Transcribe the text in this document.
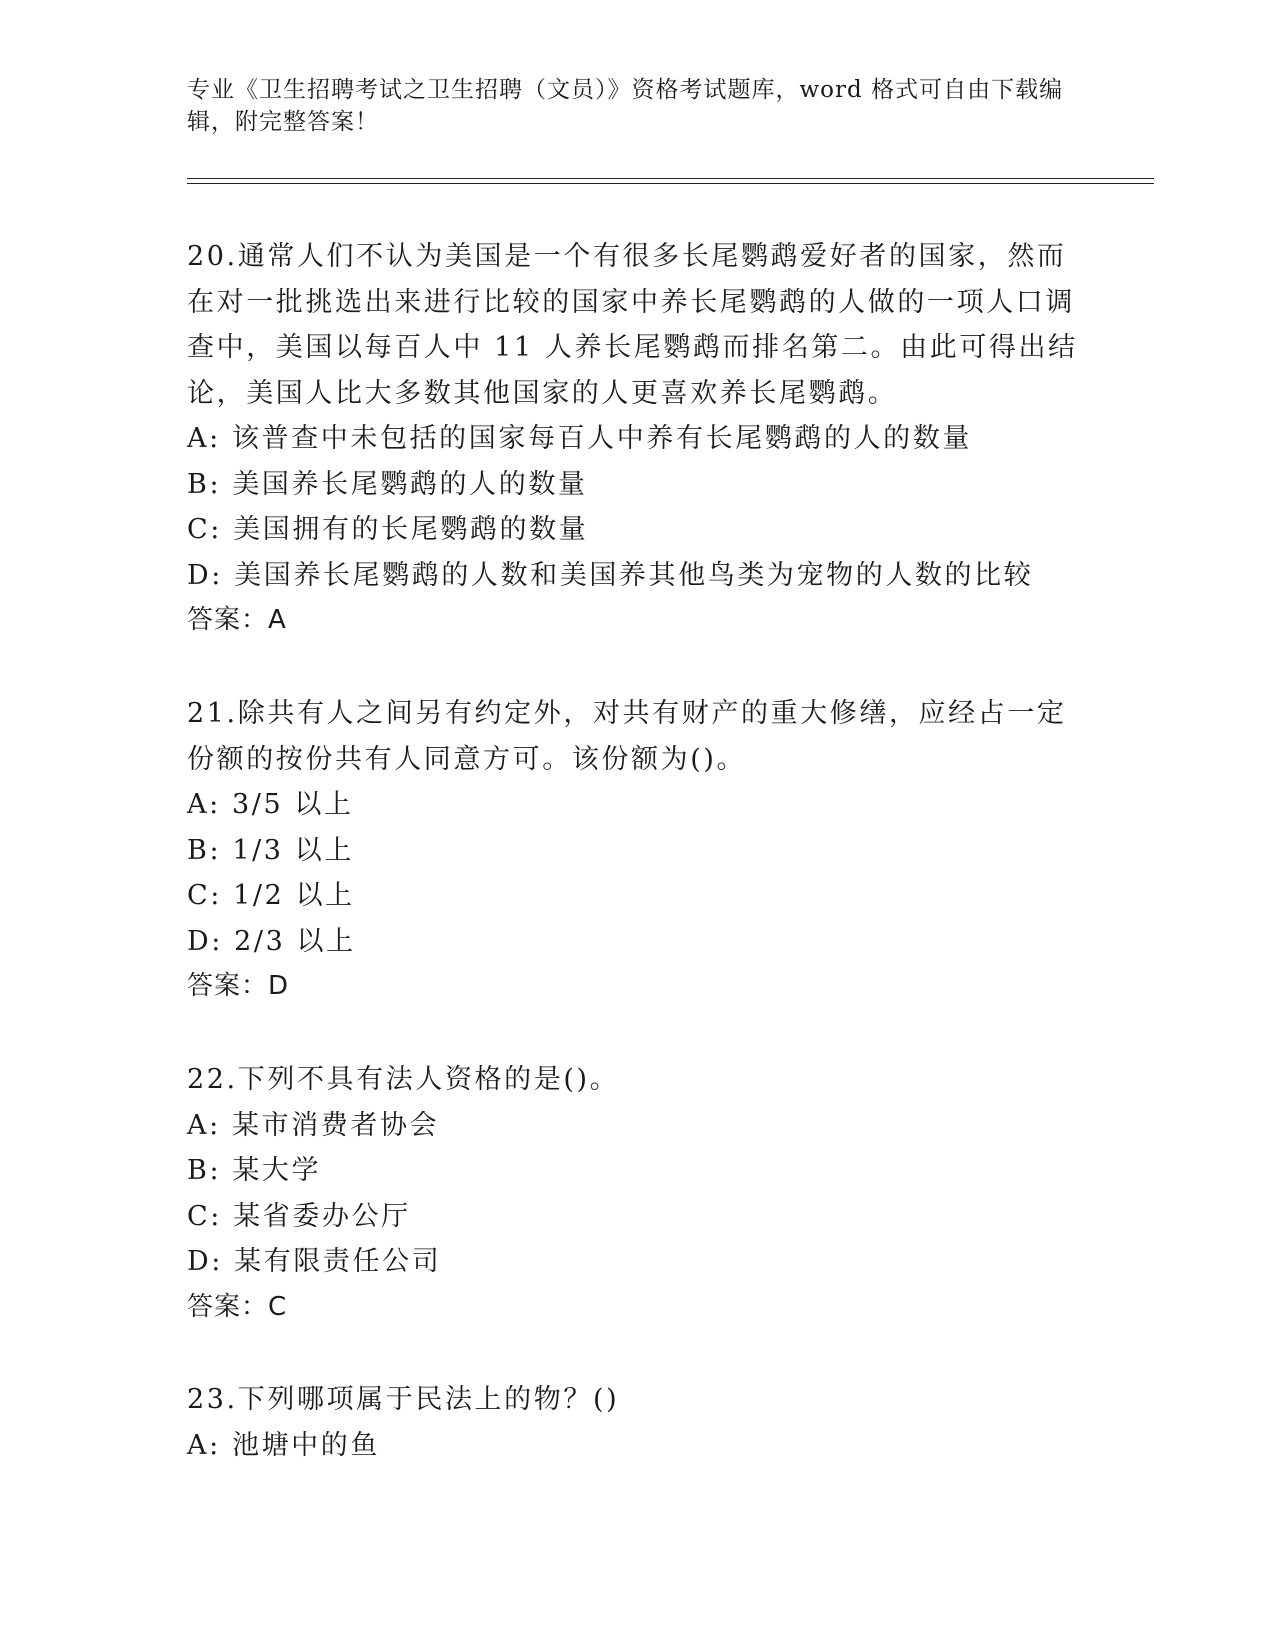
专业《卫生招聘考试之卫生招聘（文员）》资格考试题库，word 格式可自由下载编辑，附完整答案！

20.通常人们不认为美国是一个有很多长尾鹦鹉爱好者的国家，然而在对一批挑选出来进行比较的国家中养长尾鹦鹉的人做的一项人口调查中，美国以每百人中 11 人养长尾鹦鹉而排名第二。由此可得出结论，美国人比大多数其他国家的人更喜欢养长尾鹦鹉。

A: 该普查中未包括的国家每百人中养有长尾鹦鹉的人的数量

B: 美国养长尾鹦鹉的人的数量

C: 美国拥有的长尾鹦鹉的数量

D: 美国养长尾鹦鹉的人数和美国养其他鸟类为宠物的人数的比较

答案：A

21.除共有人之间另有约定外，对共有财产的重大修缮，应经占一定份额的按份共有人同意方可。该份额为()。

A: 3/5 以上

B: 1/3 以上

C: 1/2 以上

D: 2/3 以上

答案：D

22.下列不具有法人资格的是()。

A: 某市消费者协会

B: 某大学

C: 某省委办公厅

D: 某有限责任公司

答案：C

23.下列哪项属于民法上的物？()

A: 池塘中的鱼
